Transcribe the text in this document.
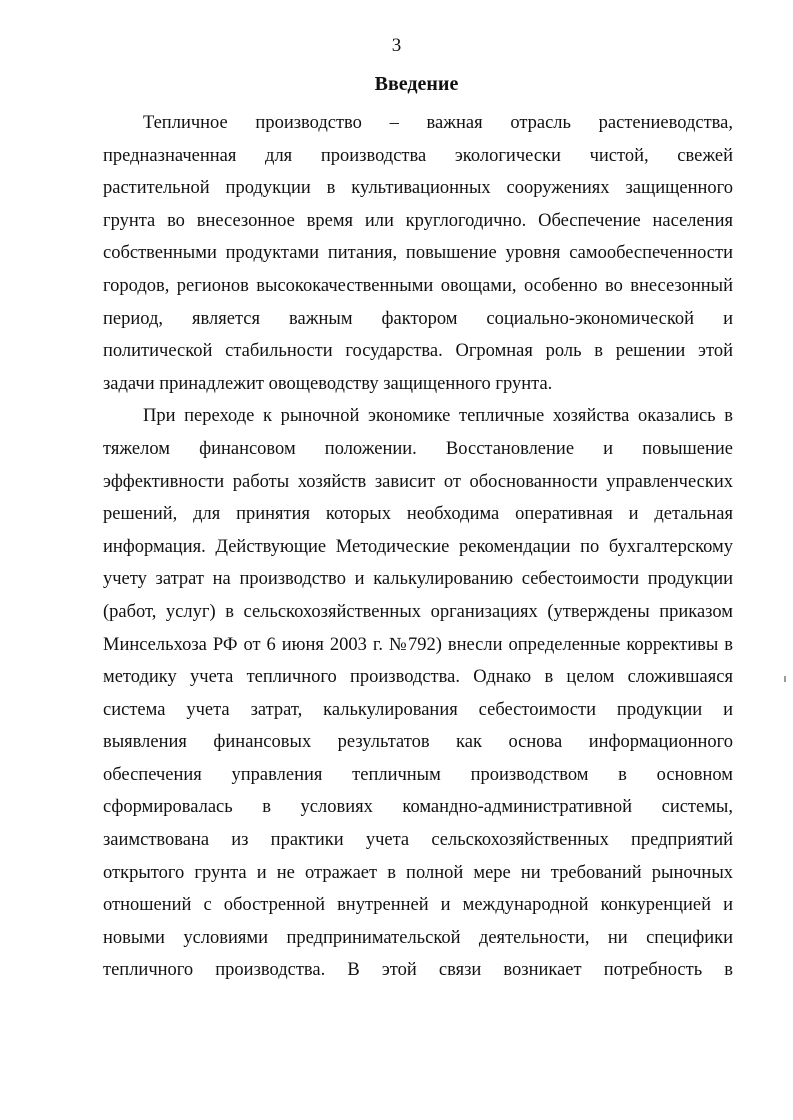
3
Введение

Тепличное производство – важная отрасль растениеводства,
предназначенная для производства экологически чистой, свежей
растительной продукции в культивационных сооружениях защищенного
грунта во внесезонное время или круглогодично. Обеспечение населения
собственными продуктами питания, повышение уровня самообеспеченности
городов, регионов высококачественными овощами, особенно во внесезонный
период, является важным фактором социально-экономической и
политической стабильности государства. Огромная роль в решении этой
задачи принадлежит овощеводству защищенного грунта.

При переходе к рыночной экономике тепличные хозяйства оказались в
тяжелом финансовом положении. Восстановление и повышение
эффективности работы хозяйств зависит от обоснованности управленческих
решений, для принятия которых необходима оперативная и детальная
информация. Действующие Методические рекомендации по бухгалтерскому
учету затрат на производство и калькулированию себестоимости продукции
(работ, услуг) в сельскохозяйственных организациях (утверждены приказом
Минсельхоза РФ от 6 июня 2003 г. №792) внесли определенные коррективы в
методику учета тепличного производства. Однако в целом сложившаяся
система учета затрат, калькулирования себестоимости продукции и
выявления финансовых результатов как основа информационного
обеспечения управления тепличным производством в основном
сформировалась в условиях командно-административной системы,
заимствована из практики учета сельскохозяйственных предприятий
открытого грунта и не отражает в полной мере ни требований рыночных
отношений с обостренной внутренней и международной конкуренцией и
новыми условиями предпринимательской деятельности, ни специфики
тепличного производства. В этой связи возникает потребность в
